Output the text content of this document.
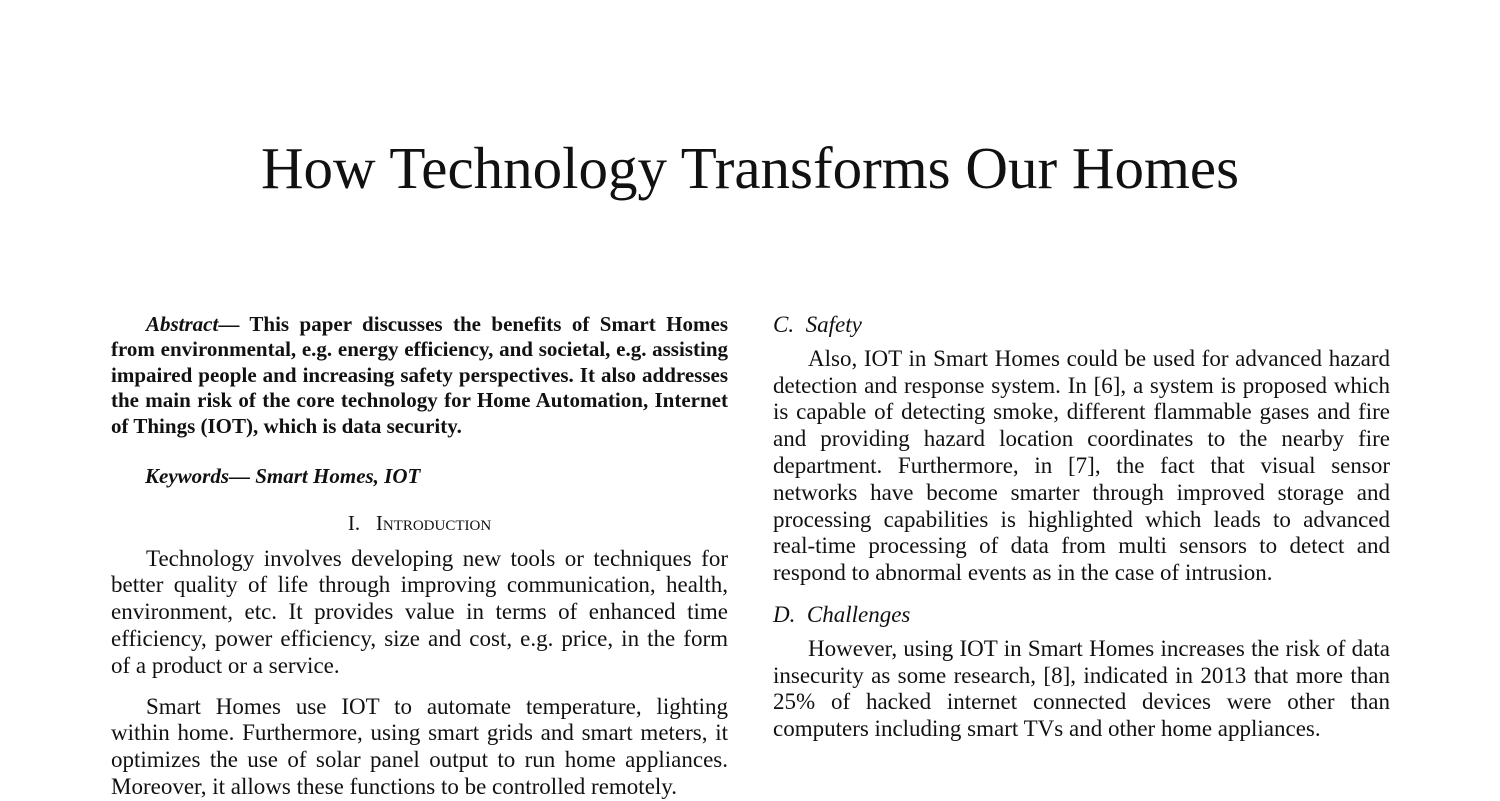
How Technology Transforms Our Homes

Abstract— This paper discusses the benefits of Smart Homes from environmental, e.g. energy efficiency, and societal, e.g. assisting impaired people and increasing safety perspectives. It also addresses the main risk of the core technology for Home Automation, Internet of Things (IOT), which is data security.

Keywords— Smart Homes, IOT

I. Introduction

Technology involves developing new tools or techniques for better quality of life through improving communication, health, environment, etc. It provides value in terms of enhanced time efficiency, power efficiency, size and cost, e.g. price, in the form of a product or a service.

Smart Homes use IOT to automate temperature, lighting within home. Furthermore, using smart grids and smart meters, it optimizes the use of solar panel output to run home appliances. Moreover, it allows these functions to be controlled remotely.

C. Safety

Also, IOT in Smart Homes could be used for advanced hazard detection and response system. In [6], a system is proposed which is capable of detecting smoke, different flammable gases and fire and providing hazard location coordinates to the nearby fire department. Furthermore, in [7], the fact that visual sensor networks have become smarter through improved storage and processing capabilities is highlighted which leads to advanced real-time processing of data from multi sensors to detect and respond to abnormal events as in the case of intrusion.

D. Challenges

However, using IOT in Smart Homes increases the risk of data insecurity as some research, [8], indicated in 2013 that more than 25% of hacked internet connected devices were other than computers including smart TVs and other home appliances.
